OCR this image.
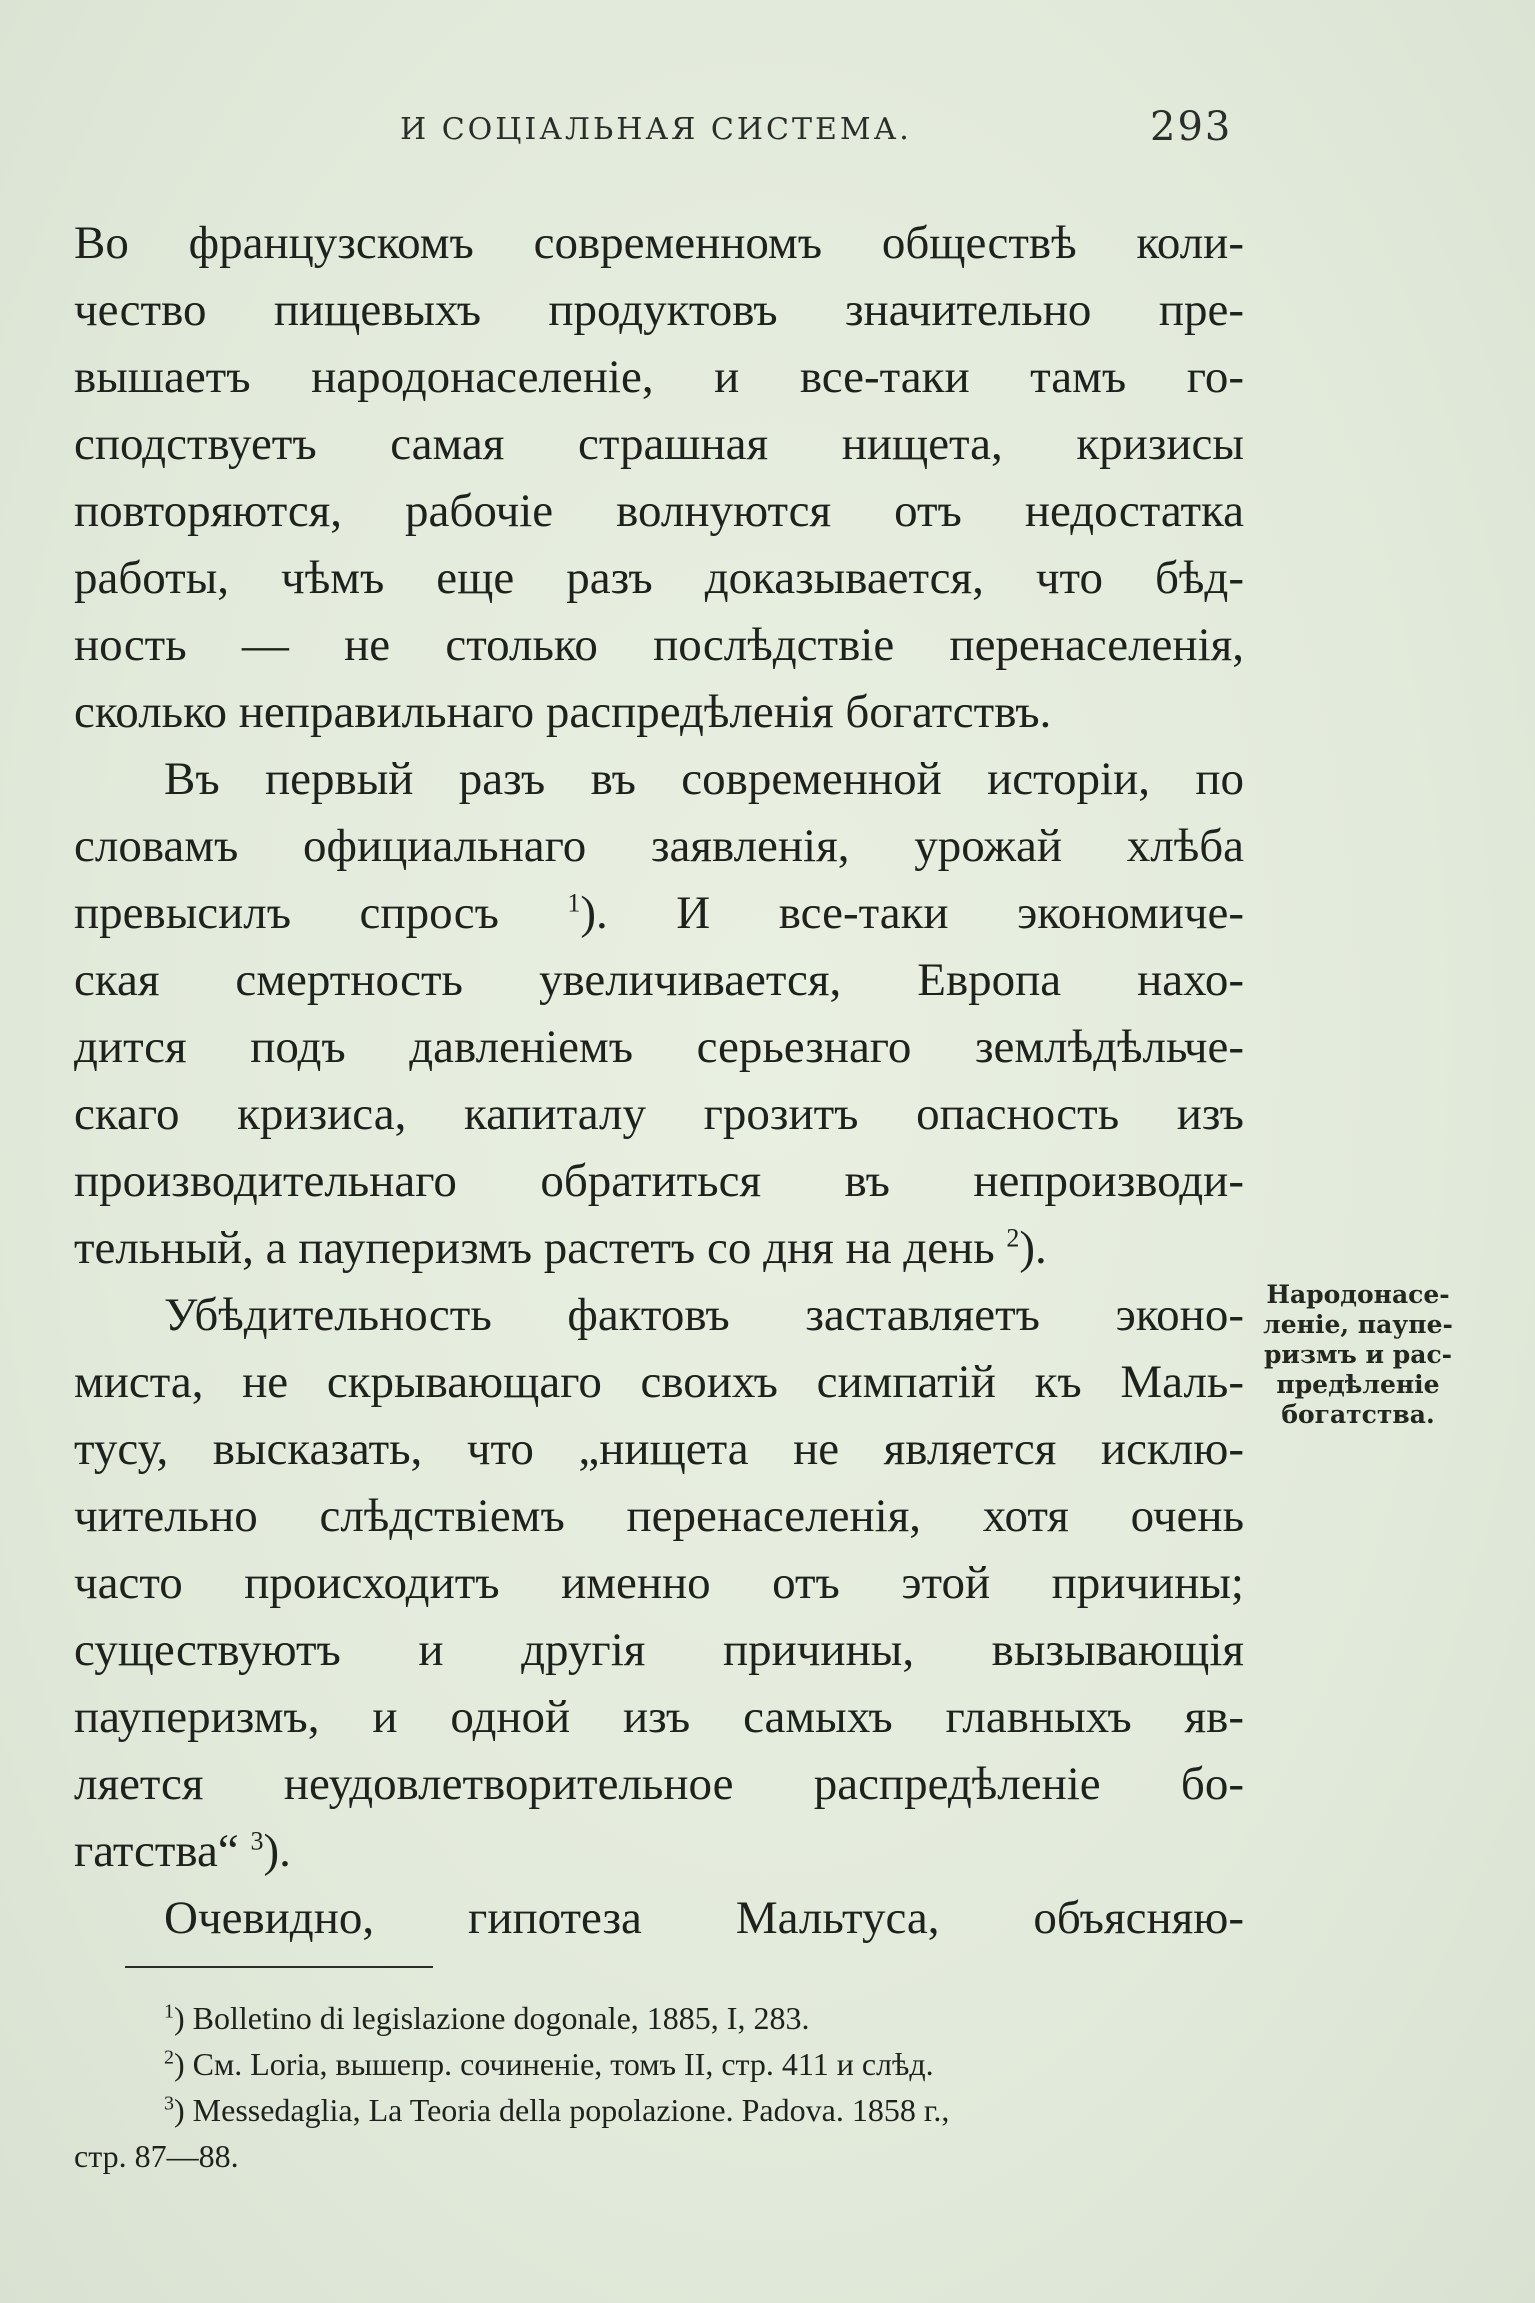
И СОЦIАЛЬНАЯ СИСТЕМА.	293
Во французскомъ современномъ обществѣ коли-
чество пищевыхъ продуктовъ значительно пре-
вышаетъ народонаселенiе, и все-таки тамъ го-
сподствуетъ самая страшная нищета, кризисы
повторяются, рабочiе волнуются отъ недостатка
работы, чѣмъ еще разъ доказывается, что бѣд-
ность — не столько послѣдствiе перенаселенiя,
сколько неправильнаго распредѣленiя богатствъ.
Въ первый разъ въ современной исторiи, по
словамъ официальнаго заявленiя, урожай хлѣба
превысилъ спросъ $^1$). И все-таки экономиче-
ская смертность увеличивается, Европа нахо-
дится подъ давленiемъ серьезнаго землѣдѣльче-
скаго кризиса, капиталу грозитъ опасность изъ
производительнаго обратиться въ непроизводи-
тельный, а пауперизмъ растетъ со дня на день $^2$).
Убѣдительность фактовъ заставляетъ эконо-
миста, не скрывающаго своихъ симпатiй къ Маль-
тусу, высказать, что „нищета не является исклю-
чительно слѣдствiемъ перенаселенiя, хотя очень
часто происходитъ именно отъ этой причины;
существуютъ и другiя причины, вызывающiя
пауперизмъ, и одной изъ самыхъ главныхъ яв-
ляется неудовлетворительное распредѣленiе бо-
гатства“ $^3$).
Очевидно, гипотеза Мальтуса, объясняю-
Народонасе-
ленiе, паупе-
ризмъ и рас-
предѣленiе
богатства.
$^1$) Bolletino di legislazione dogonale, 1885, I, 283.
$^2$) См. Loria, вышепр. сочиненiе, томъ II, стр. 411 и слѣд.
$^3$) Messedaglia, La Teoria della popolazione. Padova. 1858 г.,
стр. 87—88.
